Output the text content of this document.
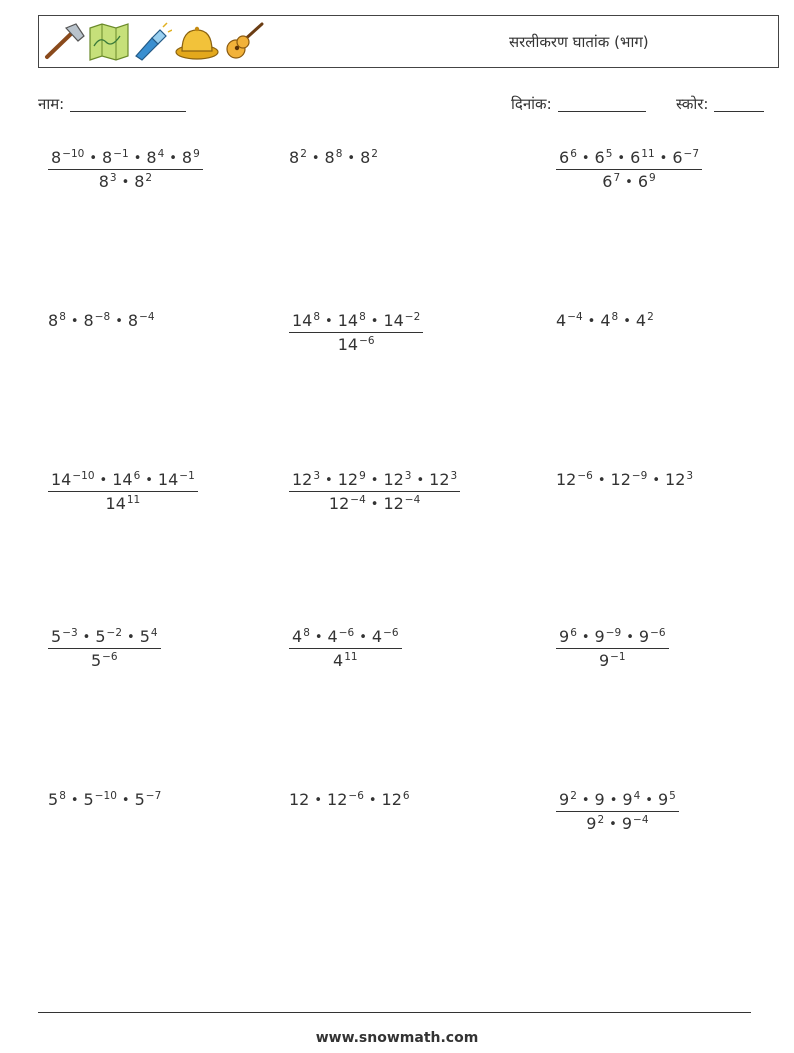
सरलीकरण घातांक (भाग)
नाम:	दिनांक:	स्कोर:
$\frac{8^{-10} • 8^{-1} • 8^4 • 8^9}{8^3 • 8^2}$	$8^2$ • $8^8$ • $8^2$	$\frac{6^6 • 6^5 • 6^{11} • 6^{-7}}{6^7 • 6^9}$
$8^8$ • $8^{-8}$ • $8^{-4}$	$\frac{14^8 • 14^8 • 14^{-2}}{14^{-6}}$	$4^{-4}$ • $4^8$ • $4^2$
$\frac{14^{-10} • 14^6 • 14^{-1}}{14^{11}}$	$\frac{12^3 • 12^9 • 12^3 • 12^3}{12^{-4} • 12^{-4}}$	$12^{-6}$ • $12^{-9}$ • $12^3$
$\frac{5^{-3} • 5^{-2} • 5^4}{5^{-6}}$	$\frac{4^8 • 4^{-6} • 4^{-6}}{4^{11}}$	$\frac{9^6 • 9^{-9} • 9^{-6}}{9^{-1}}$
$5^8$ • $5^{-10}$ • $5^{-7}$	12 • $12^{-6}$ • $12^6$	$\frac{9^2 • 9 • 9^4 • 9^5}{9^2 • 9^{-4}}$
www.snowmath.com
